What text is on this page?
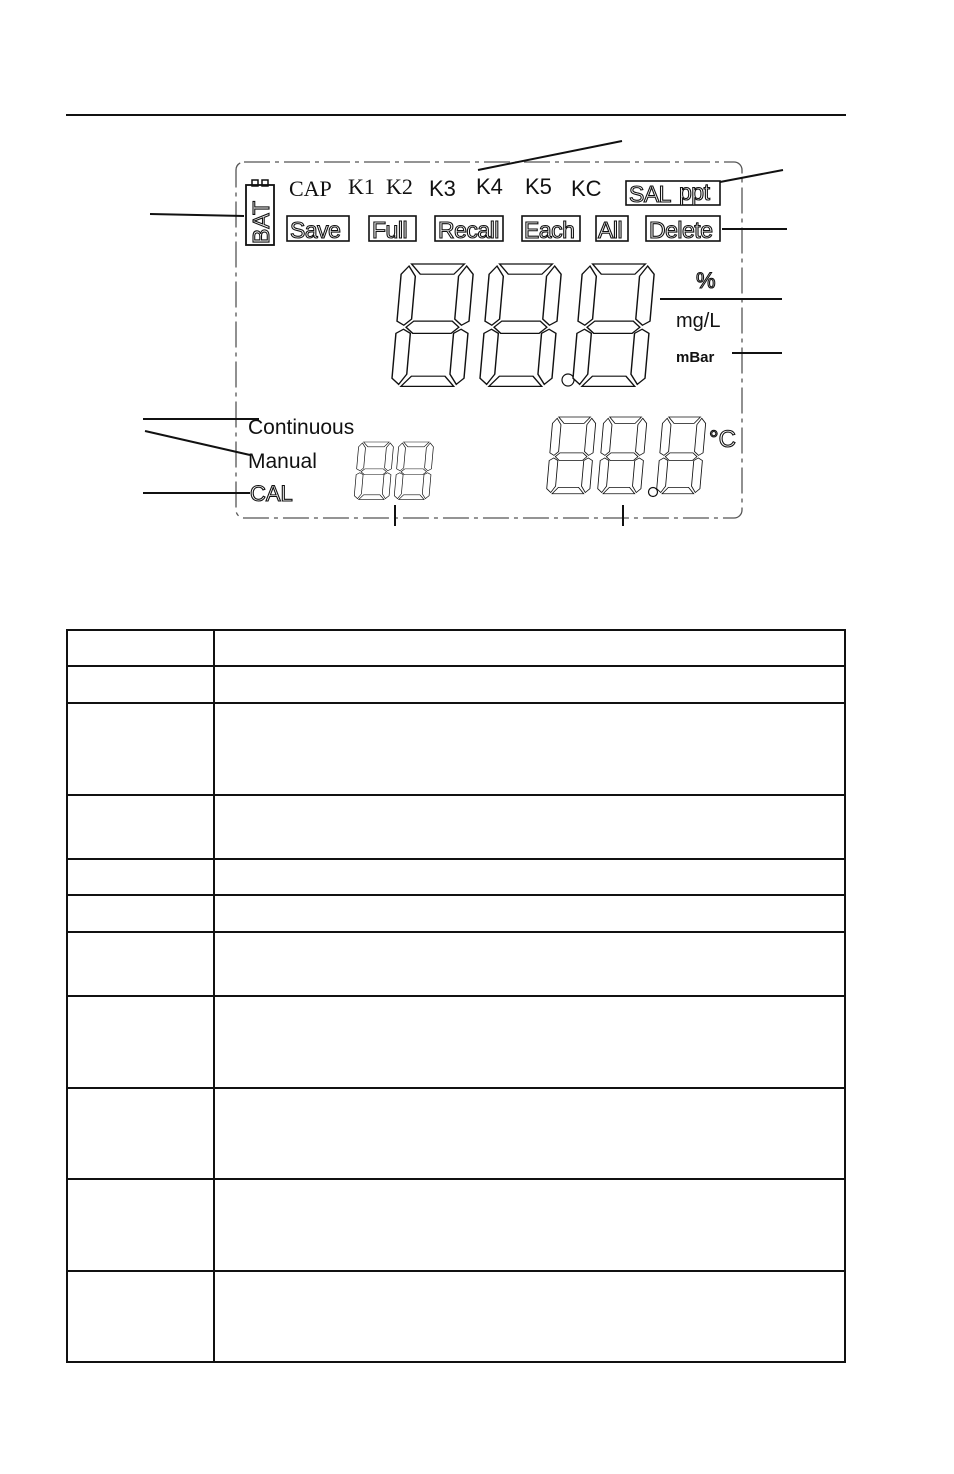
BAT
CAP K1 K2 K3 K4 K5 KC SAL ppt
Save Full Recall Each All Delete
%
mg/L
mBar
Continuous
Manual
CAL
°C
